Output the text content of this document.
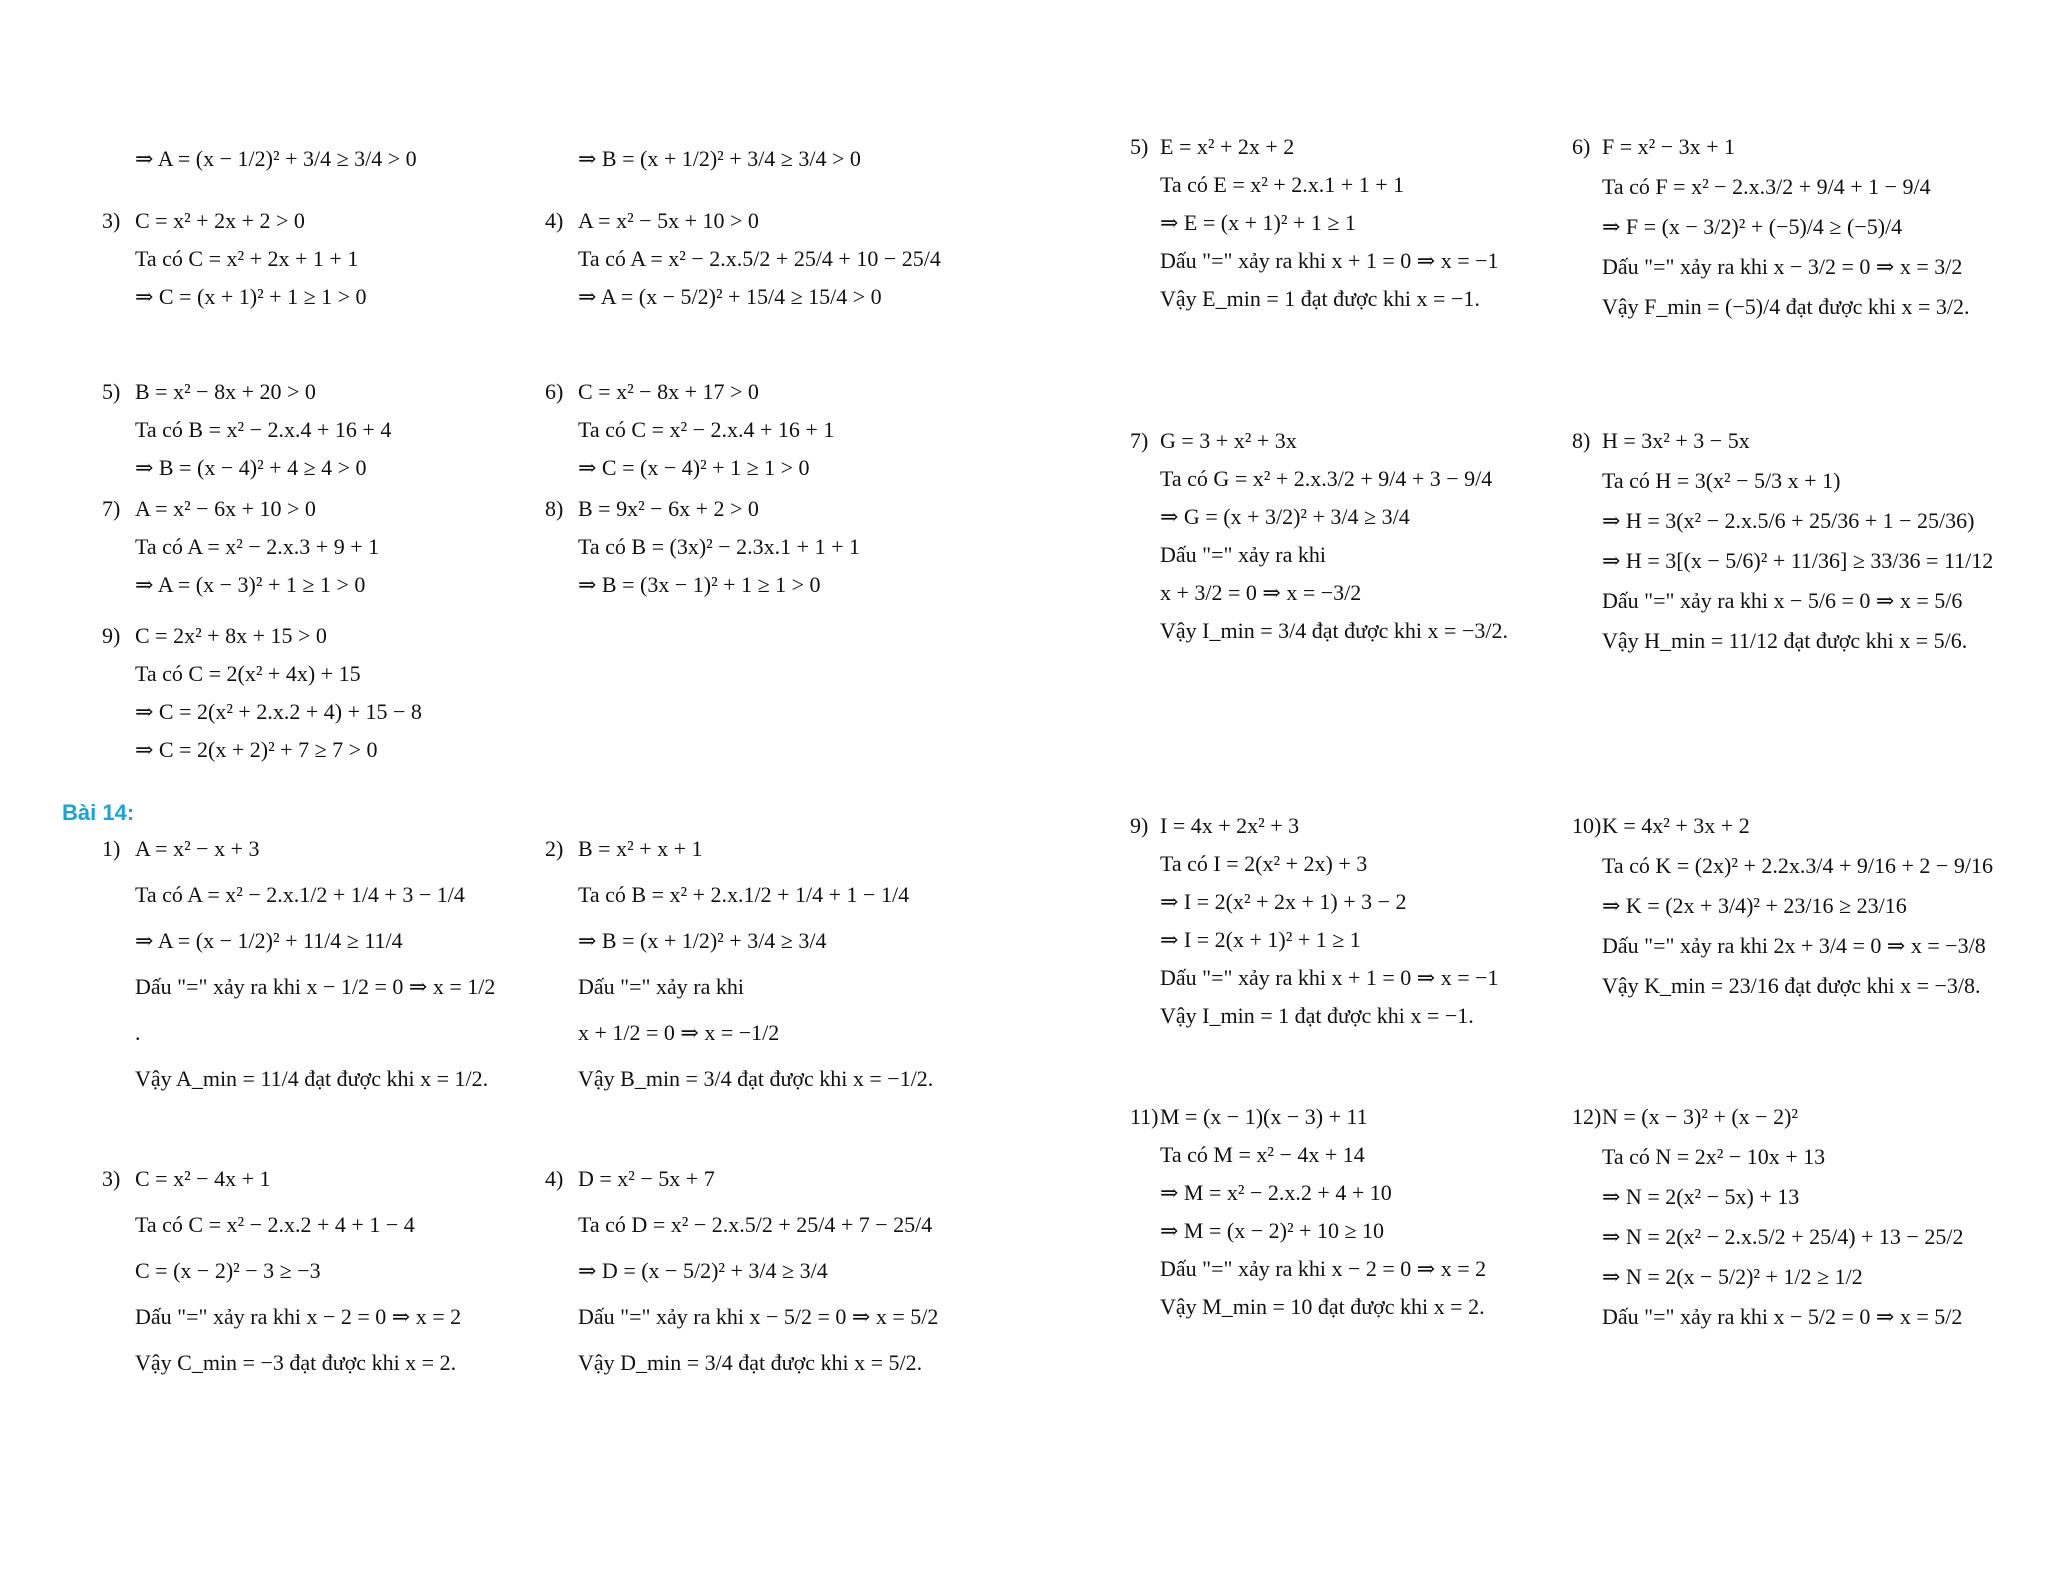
⇒ A = (x − 1/2)² + 3/4 ≥ 3/4 > 0
3) C = x² + 2x + 2 > 0
Ta có C = x² + 2x + 1 + 1
⇒ C = (x + 1)² + 1 ≥ 1 > 0
5) B = x² − 8x + 20 > 0
Ta có B = x² − 2.x.4 + 16 + 4
⇒ B = (x − 4)² + 4 ≥ 4 > 0
7) A = x² − 6x + 10 > 0
Ta có A = x² − 2.x.3 + 9 + 1
⇒ A = (x − 3)² + 1 ≥ 1 > 0
9) C = 2x² + 8x + 15 > 0
Ta có C = 2(x² + 4x) + 15
⇒ C = 2(x² + 2.x.2 + 4) + 15 − 8
⇒ C = 2(x + 2)² + 7 ≥ 7 > 0
⇒ B = (x + 1/2)² + 3/4 ≥ 3/4 > 0
4) A = x² − 5x + 10 > 0
Ta có A = x² − 2.x.5/2 + 25/4 + 10 − 25/4
⇒ A = (x − 5/2)² + 15/4 ≥ 15/4 > 0
6) C = x² − 8x + 17 > 0
Ta có C = x² − 2.x.4 + 16 + 1
⇒ C = (x − 4)² + 1 ≥ 1 > 0
8) B = 9x² − 6x + 2 > 0
Ta có B = (3x)² − 2.3x.1 + 1 + 1
⇒ B = (3x − 1)² + 1 ≥ 1 > 0
1) A = x² − x + 3
Ta có A = x² − 2.x.1/2 + 1/4 + 3 − 1/4
⇒ A = (x − 1/2)² + 11/4 ≥ 11/4
Dấu "=" xảy ra khi x − 1/2 = 0 ⇒ x = 1/2
.
Vậy A_min = 11/4 đạt được khi x = 1/2.
3) C = x² − 4x + 1
Ta có C = x² − 2.x.2 + 4 + 1 − 4
C = (x − 2)² − 3 ≥ −3
Dấu "=" xảy ra khi x − 2 = 0 ⇒ x = 2
Vậy C_min = −3 đạt được khi x = 2.
2) B = x² + x + 1
Ta có B = x² + 2.x.1/2 + 1/4 + 1 − 1/4
⇒ B = (x + 1/2)² + 3/4 ≥ 3/4
Dấu "=" xảy ra khi
x + 1/2 = 0 ⇒ x = −1/2
Vậy B_min = 3/4 đạt được khi x = −1/2.
4) D = x² − 5x + 7
Ta có D = x² − 2.x.5/2 + 25/4 + 7 − 25/4
⇒ D = (x − 5/2)² + 3/4 ≥ 3/4
Dấu "=" xảy ra khi x − 5/2 = 0 ⇒ x = 5/2
Vậy D_min = 3/4 đạt được khi x = 5/2.
5) E = x² + 2x + 2
Ta có E = x² + 2.x.1 + 1 + 1
⇒ E = (x + 1)² + 1 ≥ 1
Dấu "=" xảy ra khi x + 1 = 0 ⇒ x = −1
Vậy E_min = 1 đạt được khi x = −1.
7) G = 3 + x² + 3x
Ta có G = x² + 2.x.3/2 + 9/4 + 3 − 9/4
⇒ G = (x + 3/2)² + 3/4 ≥ 3/4
Dấu "=" xảy ra khi
x + 3/2 = 0 ⇒ x = −3/2
Vậy I_min = 3/4 đạt được khi x = −3/2.
9) I = 4x + 2x² + 3
Ta có I = 2(x² + 2x) + 3
⇒ I = 2(x² + 2x + 1) + 3 − 2
⇒ I = 2(x + 1)² + 1 ≥ 1
Dấu "=" xảy ra khi x + 1 = 0 ⇒ x = −1
Vậy I_min = 1 đạt được khi x = −1.
11) M = (x − 1)(x − 3) + 11
Ta có M = x² − 4x + 14
⇒ M = x² − 2.x.2 + 4 + 10
⇒ M = (x − 2)² + 10 ≥ 10
Dấu "=" xảy ra khi x − 2 = 0 ⇒ x = 2
Vậy M_min = 10 đạt được khi x = 2.
6) F = x² − 3x + 1
Ta có F = x² − 2.x.3/2 + 9/4 + 1 − 9/4
⇒ F = (x − 3/2)² + (−5)/4 ≥ (−5)/4
Dấu "=" xảy ra khi x − 3/2 = 0 ⇒ x = 3/2
Vậy F_min = (−5)/4 đạt được khi x = 3/2.
8) H = 3x² + 3 − 5x
Ta có H = 3(x² − 5/3 x + 1)
⇒ H = 3(x² − 2.x.5/6 + 25/36 + 1 − 25/36)
⇒ H = 3[(x − 5/6)² + 11/36] ≥ 33/36 = 11/12
Dấu "=" xảy ra khi x − 5/6 = 0 ⇒ x = 5/6
Vậy H_min = 11/12 đạt được khi x = 5/6.
10) K = 4x² + 3x + 2
Ta có K = (2x)² + 2.2x.3/4 + 9/16 + 2 − 9/16
⇒ K = (2x + 3/4)² + 23/16 ≥ 23/16
Dấu "=" xảy ra khi 2x + 3/4 = 0 ⇒ x = −3/8
Vậy K_min = 23/16 đạt được khi x = −3/8.
12) N = (x − 3)² + (x − 2)²
Ta có N = 2x² − 10x + 13
⇒ N = 2(x² − 5x) + 13
⇒ N = 2(x² − 2.x.5/2 + 25/4) + 13 − 25/2
⇒ N = 2(x − 5/2)² + 1/2 ≥ 1/2
Dấu "=" xảy ra khi x − 5/2 = 0 ⇒ x = 5/2
Bài 14:
